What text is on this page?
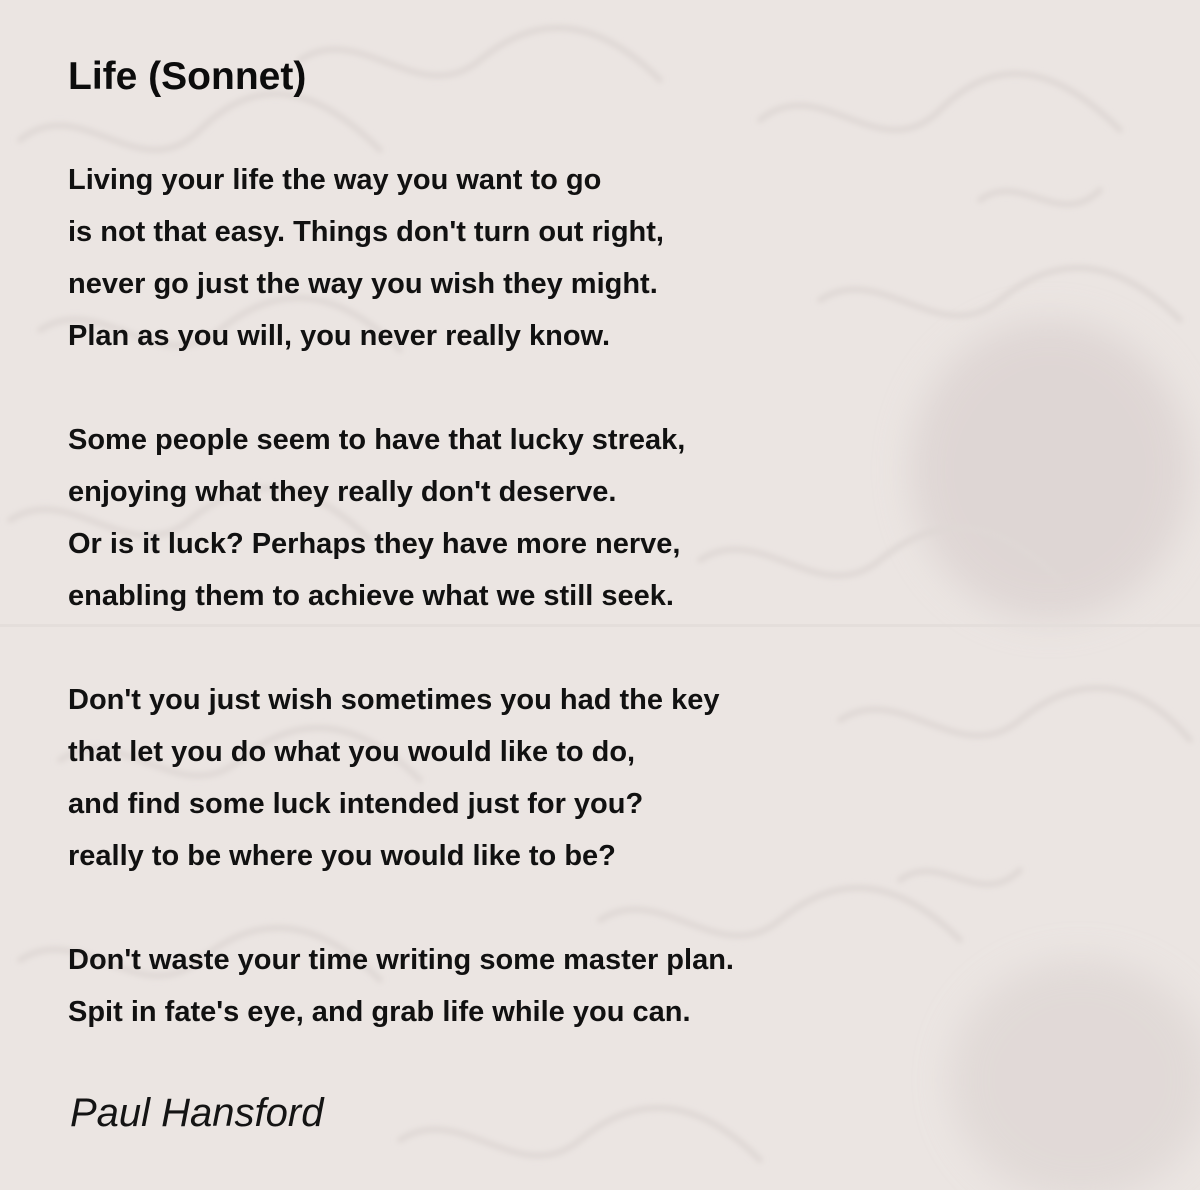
Life (Sonnet)
Living your life the way you want to go
is not that easy. Things don't turn out right,
never go just the way you wish they might.
Plan as you will, you never really know.
Some people seem to have that lucky streak,
enjoying what they really don't deserve.
Or is it luck? Perhaps they have more nerve,
enabling them to achieve what we still seek.
Don't you just wish sometimes you had the key
that let you do what you would like to do,
and find some luck intended just for you?
really to be where you would like to be?
Don't waste your time writing some master plan.
Spit in fate's eye, and grab life while you can.

Paul Hansford
